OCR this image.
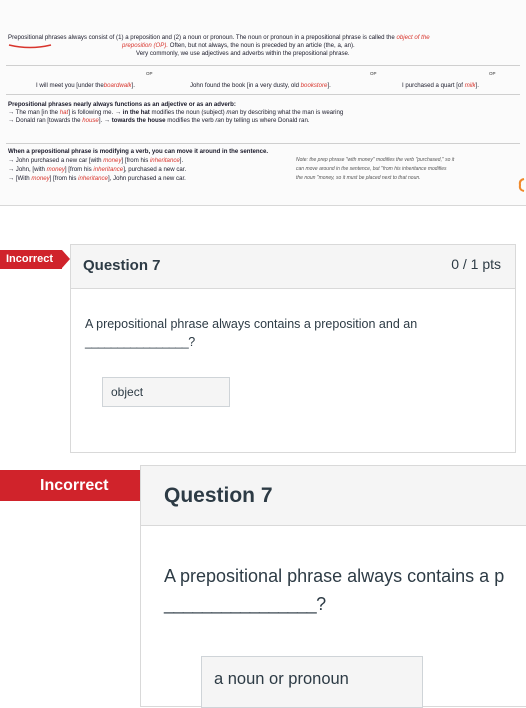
Prepositional phrases always consist of (1) a preposition and (2) a noun or pronoun. The noun or pronoun in a prepositional phrase is called the object of the
preposition (OP). Often, but not always, the noun is preceded by an article (the, a, an).
Very commonly, we use adjectives and adverbs within the prepositional phrase.
OP	OP	OP
I will meet you [under theboardwalk].	John found the book [in a very dusty, old bookstore].	I purchased a quart [of milk].
Prepositional phrases nearly always functions as an adjective or as an adverb:
→ The man [in the hat] is following me. → in the hat modifies the noun (subject) man by describing what the man is wearing
→ Donald ran [towards the house]. → towards the house modifies the verb ran by telling us where Donald ran.
When a prepositional phrase is modifying a verb, you can move it around in the sentence.
→ John purchased a new car [with money] [from his inheritance].
→ John, [with money] [from his inheritance], purchased a new car.
→ [With money] [from his inheritance], John purchased a new car.
Note: the prep phrase "with money" modifies the verb "purchased," so it
can move around in the sentence, but "from his inheritance modifies
the noun "money, so it must be placed next to that noun.
Incorrect Question 7	0 / 1 pts
A prepositional phrase always contains a preposition and an
________________?
object
Incorrect	Question 7
A prepositional phrase always contains a p
________________?
a noun or pronoun
